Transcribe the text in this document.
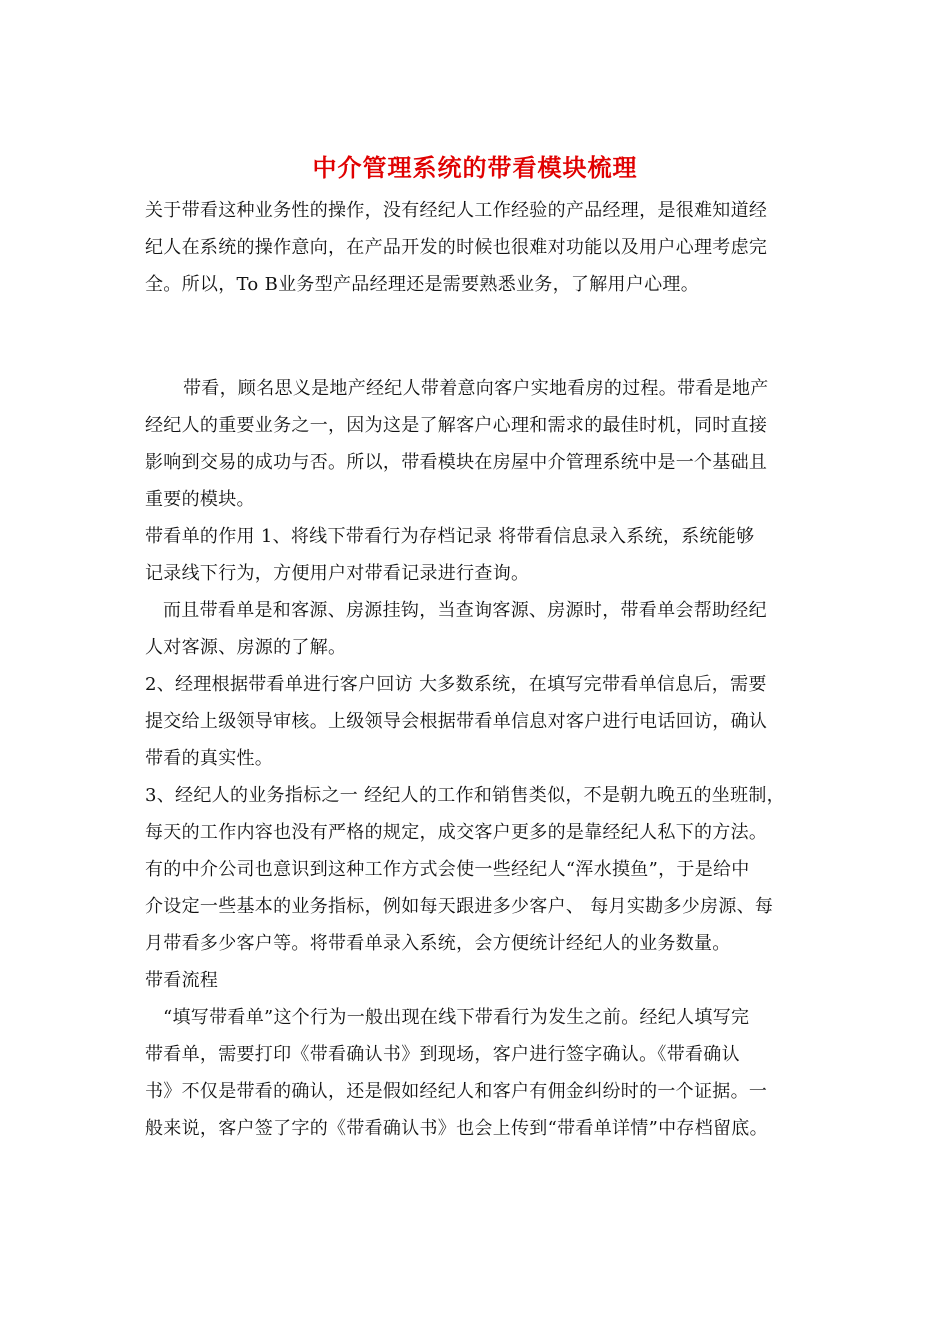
中介管理系统的带看模块梳理
关于带看这种业务性的操作，没有经纪人工作经验的产品经理，是很难知道经
纪人在系统的操作意向，在产品开发的时候也很难对功能以及用户心理考虑完
全。所以，To B业务型产品经理还是需要熟悉业务，了解用户心理。
带看，顾名思义是地产经纪人带着意向客户实地看房的过程。带看是地产
经纪人的重要业务之一，因为这是了解客户心理和需求的最佳时机，同时直接
影响到交易的成功与否。所以，带看模块在房屋中介管理系统中是一个基础且
重要的模块。
带看单的作用 1、将线下带看行为存档记录 将带看信息录入系统，系统能够
记录线下行为，方便用户对带看记录进行查询。
而且带看单是和客源、房源挂钩，当查询客源、房源时，带看单会帮助经纪
人对客源、房源的了解。
2、经理根据带看单进行客户回访 大多数系统，在填写完带看单信息后，需要
提交给上级领导审核。上级领导会根据带看单信息对客户进行电话回访，确认
带看的真实性。
3、经纪人的业务指标之一 经纪人的工作和销售类似，不是朝九晚五的坐班制，
每天的工作内容也没有严格的规定，成交客户更多的是靠经纪人私下的方法。
有的中介公司也意识到这种工作方式会使一些经纪人“浑水摸鱼”，于是给中
介设定一些基本的业务指标，例如每天跟进多少客户、 每月实勘多少房源、每
月带看多少客户等。将带看单录入系统，会方便统计经纪人的业务数量。
带看流程
“填写带看单”这个行为一般出现在线下带看行为发生之前。经纪人填写完
带看单，需要打印《带看确认书》到现场，客户进行签字确认。《带看确认
书》不仅是带看的确认，还是假如经纪人和客户有佣金纠纷时的一个证据。一
般来说，客户签了字的《带看确认书》也会上传到“带看单详情”中存档留底。
